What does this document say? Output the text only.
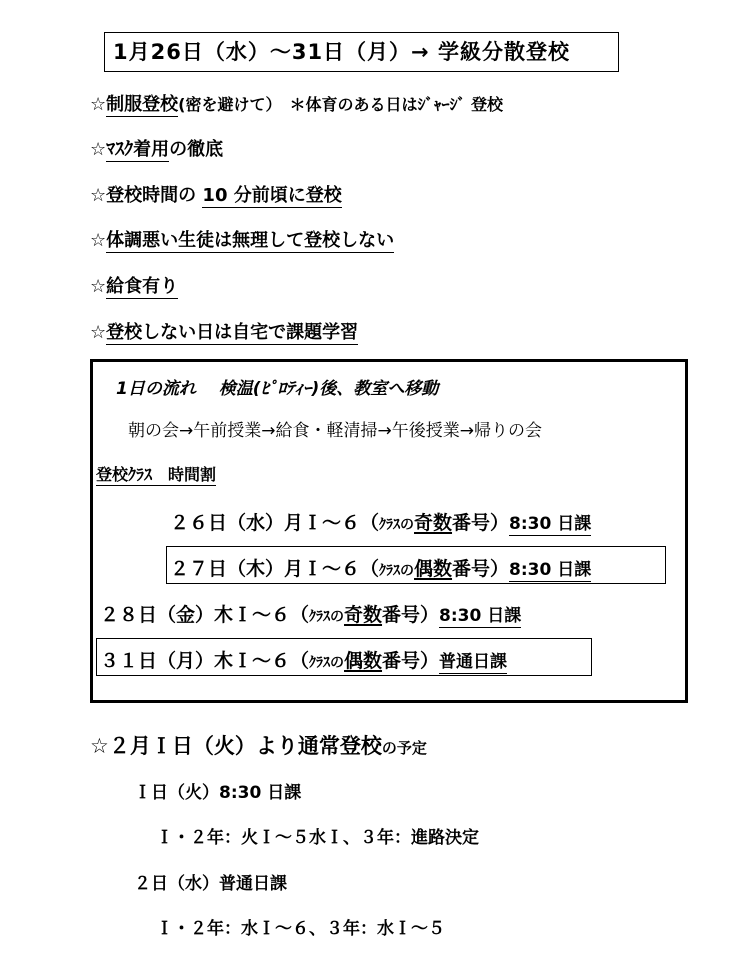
1月26日（水）～31日（月）→ 学級分散登校
☆制服登校(密を避けて）　＊体育のある日はｼﾞｬｰｼﾞ 登校
☆ﾏｽｸ着用の徹底
☆登校時間の 10 分前頃に登校
☆体調悪い生徒は無理して登校しない
☆給食有り
☆登校しない日は自宅で課題学習
1日の流れ　 検温(ﾋﾟﾛﾃｨｰ)後、教室へ移動
朝の会→午前授業→給食・軽清掃→午後授業→帰りの会
登校ｸﾗｽ　時間割
２６日（水）月Ｉ～６（ｸﾗｽの奇数番号）8:30 日課
２７日（木）月Ｉ～６（ｸﾗｽの偶数番号）8:30 日課
２８日（金）木Ｉ～６（ｸﾗｽの奇数番号）8:30 日課
３１日（月）木Ｉ～６（ｸﾗｽの偶数番号）普通日課
☆２月Ｉ日（火）より通常登校の予定
Ｉ日（火）8:30 日課
Ｉ・２年：火Ｉ～５水Ｉ、３年：進路決定
２日（水）普通日課
Ｉ・２年：水Ｉ～６、３年：水Ｉ～５
